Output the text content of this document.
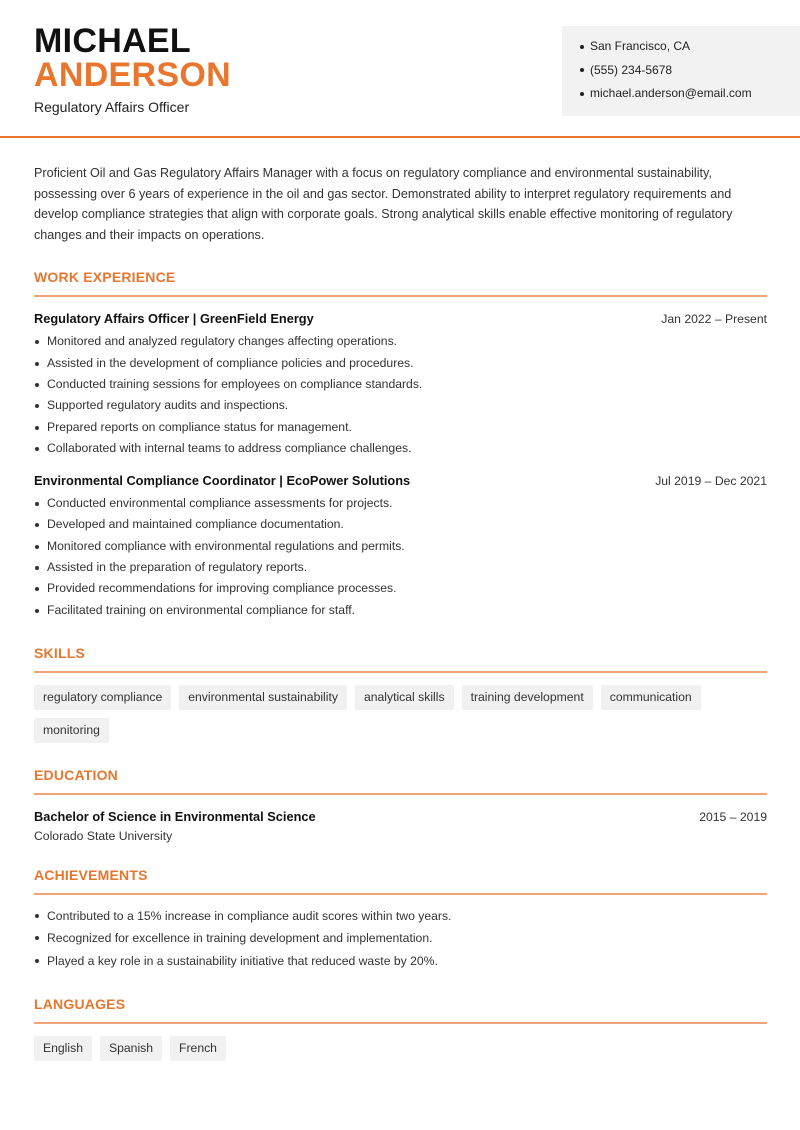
MICHAEL
ANDERSON
Regulatory Affairs Officer
San Francisco, CA
(555) 234-5678
michael.anderson@email.com

Proficient Oil and Gas Regulatory Affairs Manager with a focus on regulatory compliance and environmental sustainability, possessing over 6 years of experience in the oil and gas sector. Demonstrated ability to interpret regulatory requirements and develop compliance strategies that align with corporate goals. Strong analytical skills enable effective monitoring of regulatory changes and their impacts on operations.

WORK EXPERIENCE
Regulatory Affairs Officer | GreenField Energy	Jan 2022 – Present
Monitored and analyzed regulatory changes affecting operations.
Assisted in the development of compliance policies and procedures.
Conducted training sessions for employees on compliance standards.
Supported regulatory audits and inspections.
Prepared reports on compliance status for management.
Collaborated with internal teams to address compliance challenges.
Environmental Compliance Coordinator | EcoPower Solutions	Jul 2019 – Dec 2021
Conducted environmental compliance assessments for projects.
Developed and maintained compliance documentation.
Monitored compliance with environmental regulations and permits.
Assisted in the preparation of regulatory reports.
Provided recommendations for improving compliance processes.
Facilitated training on environmental compliance for staff.
SKILLS
regulatory compliance	environmental sustainability	analytical skills	training development	communication
monitoring
EDUCATION
Bachelor of Science in Environmental Science	2015 – 2019
Colorado State University
ACHIEVEMENTS
Contributed to a 15% increase in compliance audit scores within two years.
Recognized for excellence in training development and implementation.
Played a key role in a sustainability initiative that reduced waste by 20%.
LANGUAGES
English	Spanish	French
